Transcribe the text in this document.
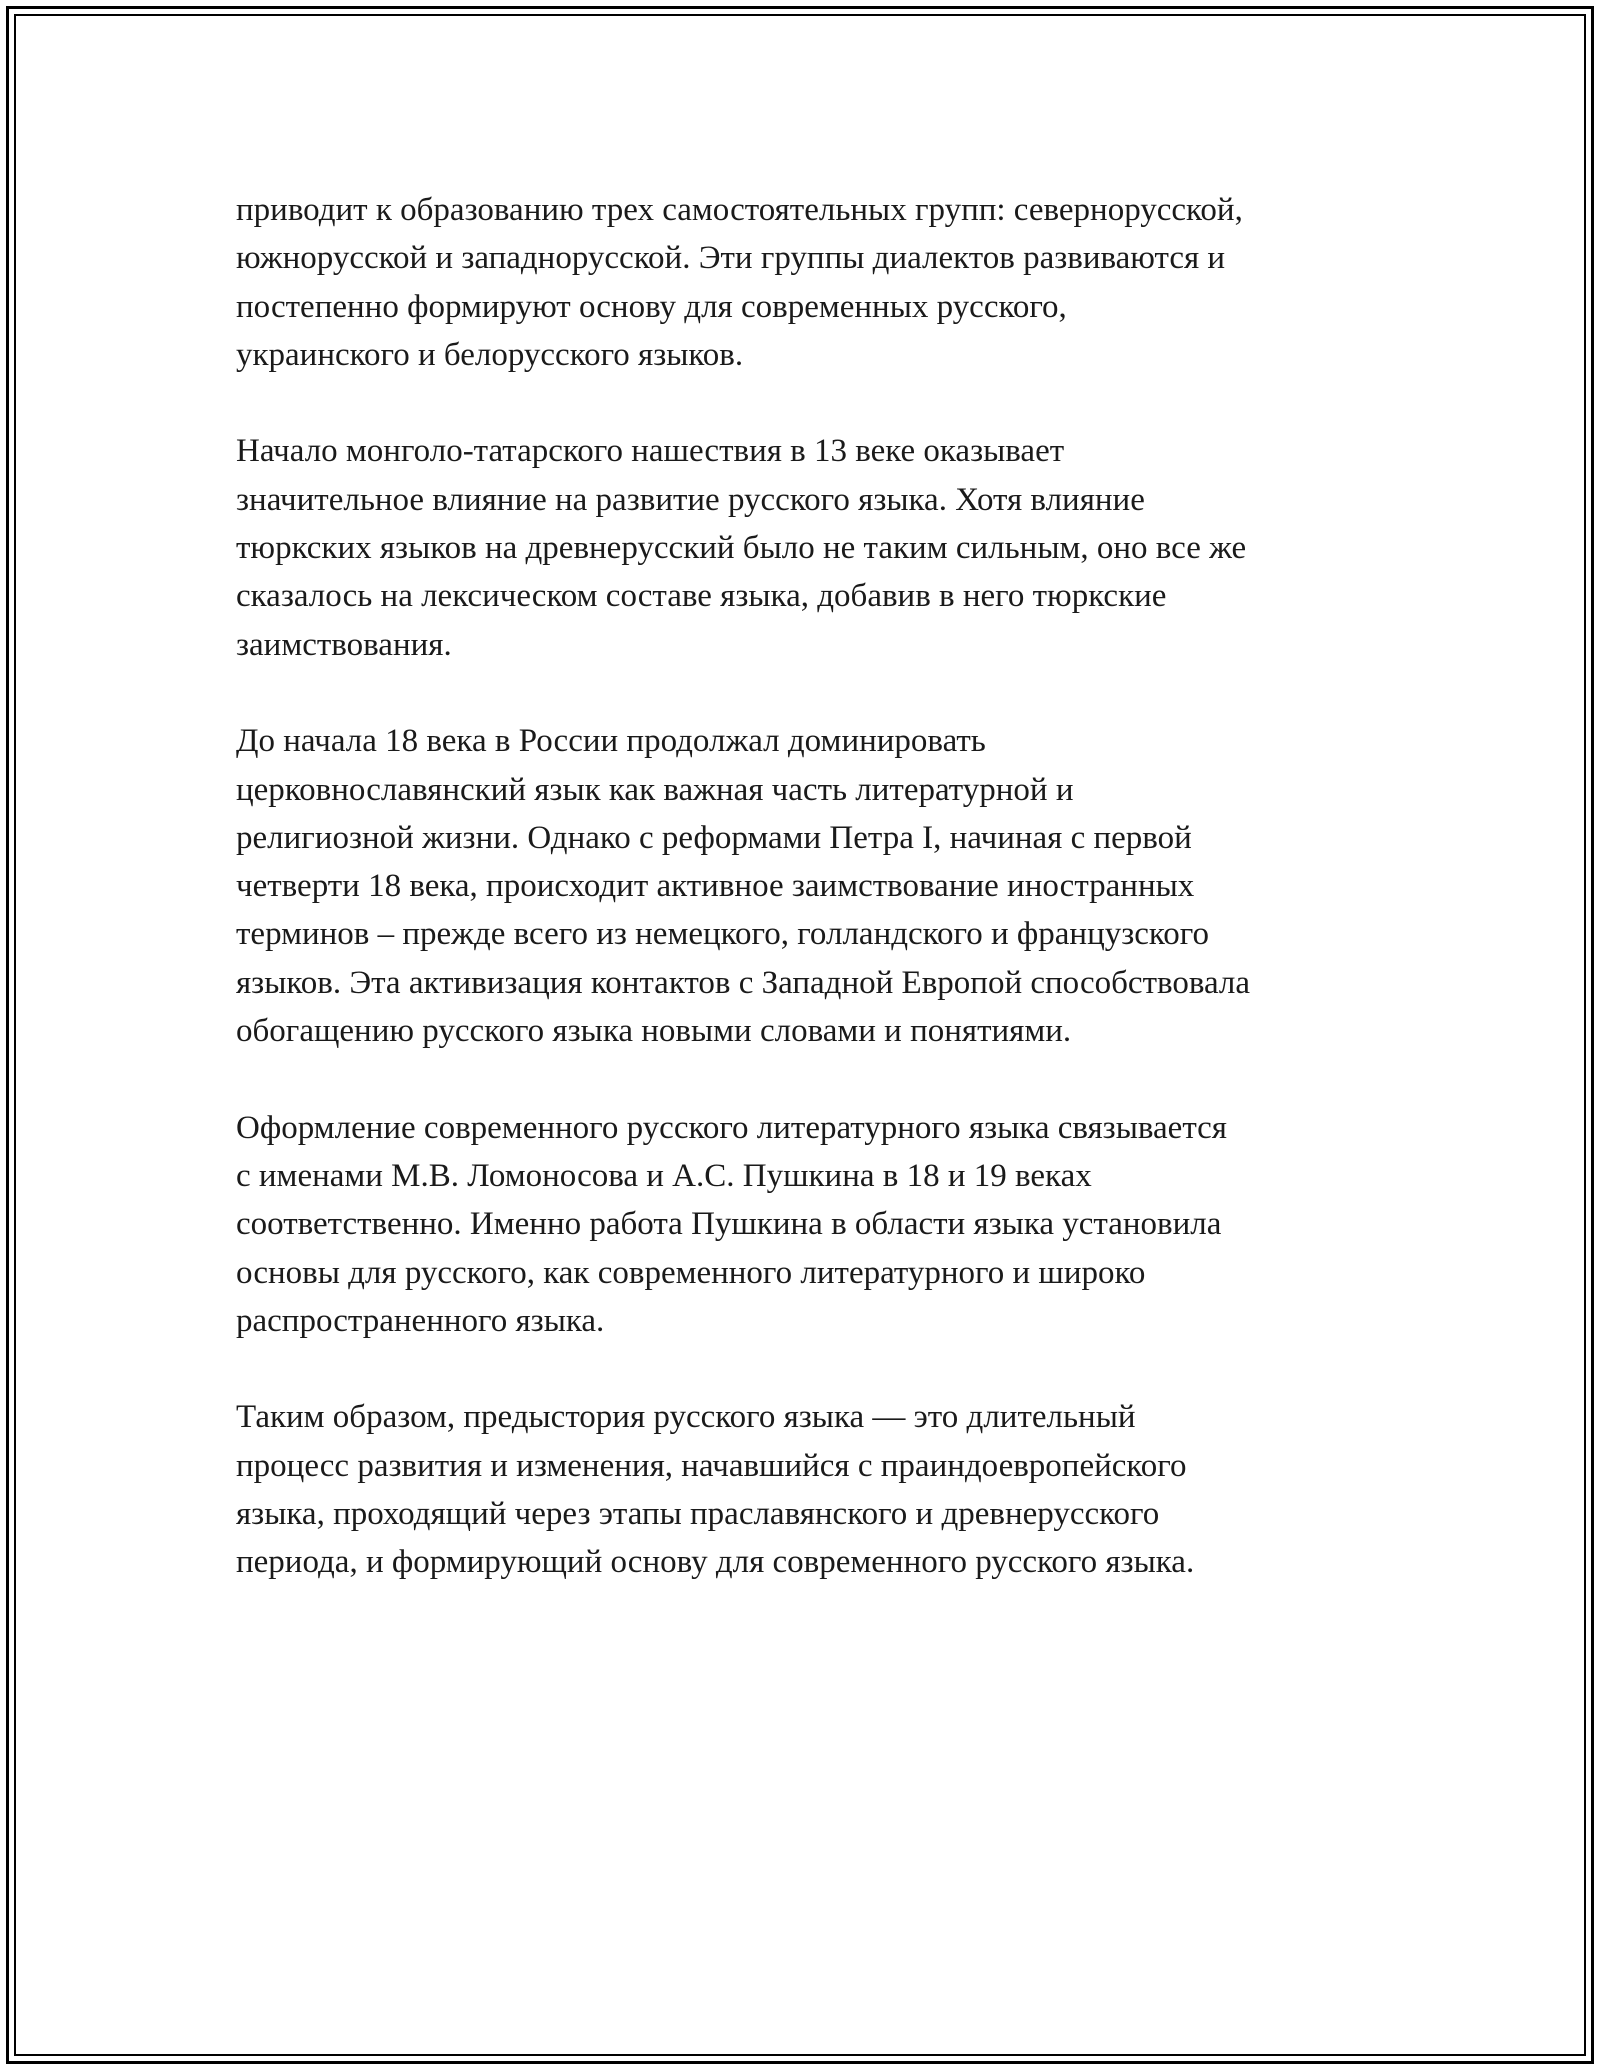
приводит к образованию трех самостоятельных групп: севернорусской,
южнорусской и западнорусской. Эти группы диалектов развиваются и
постепенно формируют основу для современных русского,
украинского и белорусского языков.

Начало монголо-татарского нашествия в 13 веке оказывает
значительное влияние на развитие русского языка. Хотя влияние
тюркских языков на древнерусский было не таким сильным, оно все же
сказалось на лексическом составе языка, добавив в него тюркские
заимствования.

До начала 18 века в России продолжал доминировать
церковнославянский язык как важная часть литературной и
религиозной жизни. Однако с реформами Петра I, начиная с первой
четверти 18 века, происходит активное заимствование иностранных
терминов – прежде всего из немецкого, голландского и французского
языков. Эта активизация контактов с Западной Европой способствовала
обогащению русского языка новыми словами и понятиями.

Оформление современного русского литературного языка связывается
с именами М.В. Ломоносова и А.С. Пушкина в 18 и 19 веках
соответственно. Именно работа Пушкина в области языка установила
основы для русского, как современного литературного и широко
распространенного языка.

Таким образом, предыстория русского языка — это длительный
процесс развития и изменения, начавшийся с праиндоевропейского
языка, проходящий через этапы праславянского и древнерусского
периода, и формирующий основу для современного русского языка.
